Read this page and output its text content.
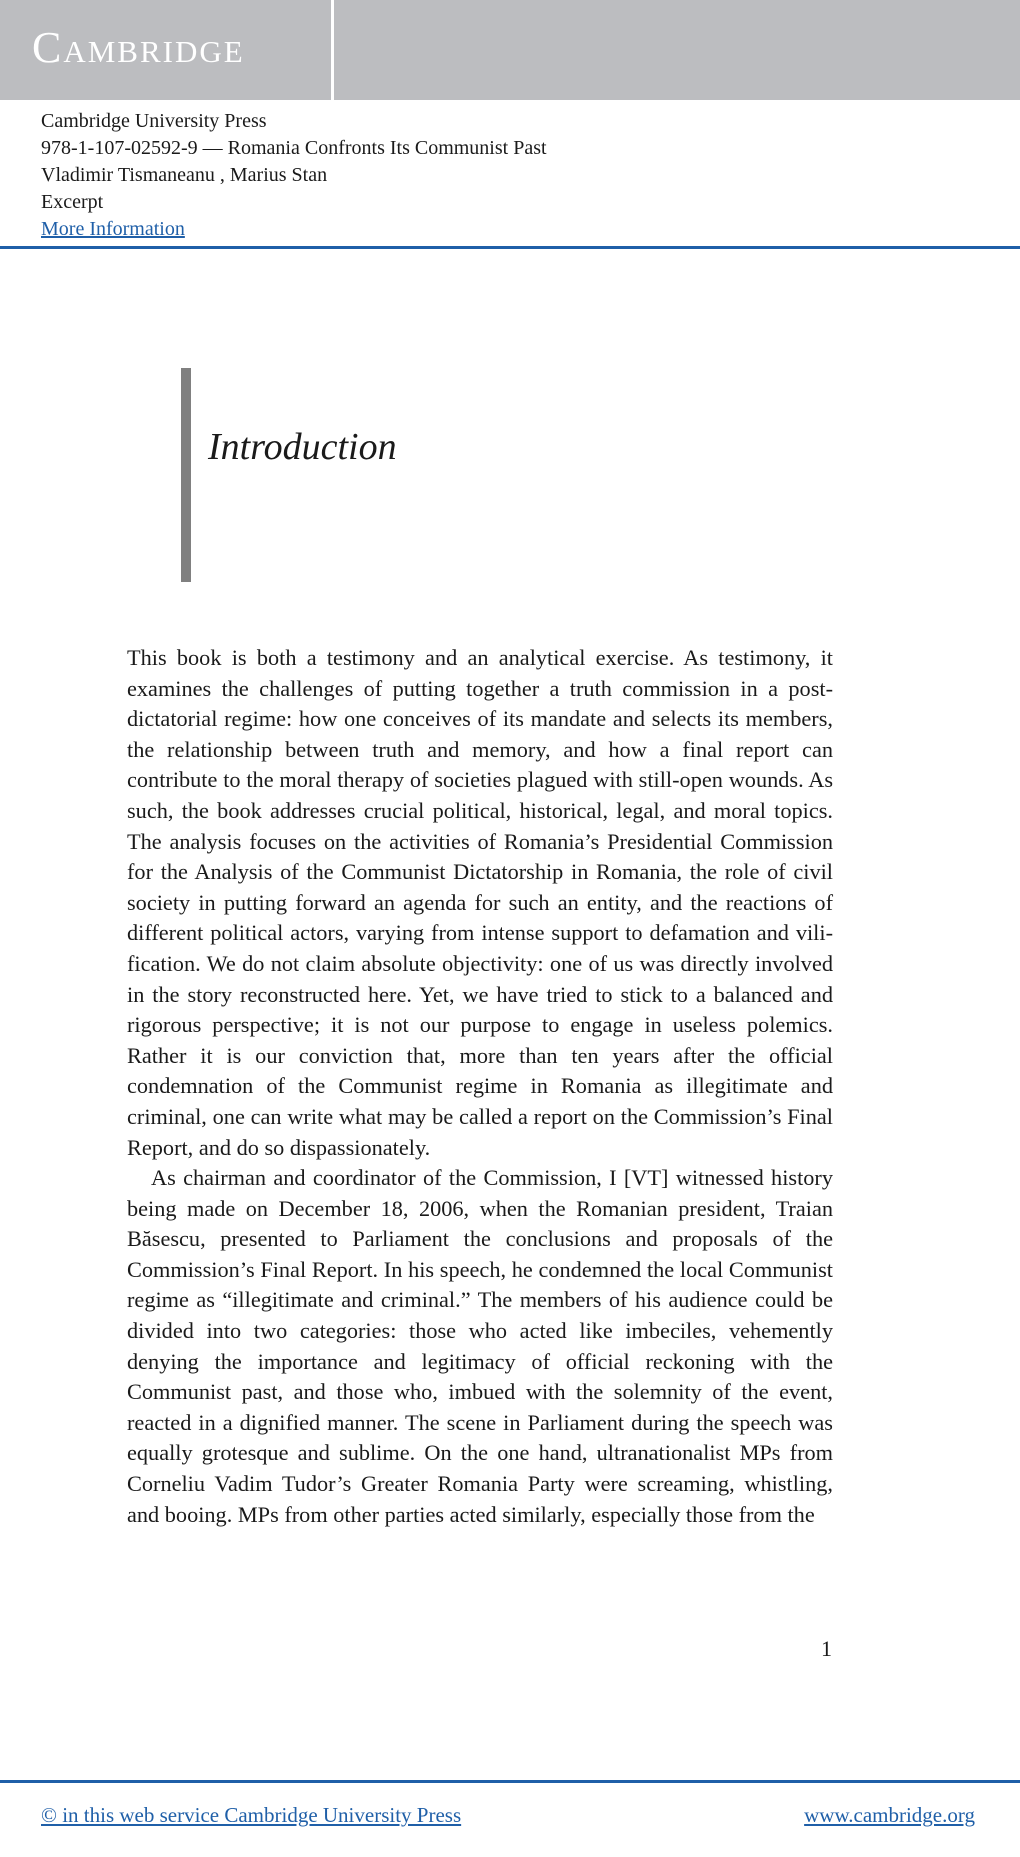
Cambridge
Cambridge University Press
978-1-107-02592-9 — Romania Confronts Its Communist Past
Vladimir Tismaneanu , Marius Stan
Excerpt
More Information
Introduction

This book is both a testimony and an analytical exercise. As testimony, it examines the challenges of putting together a truth commission in a post-dictatorial regime: how one conceives of its mandate and selects its members, the relationship between truth and memory, and how a final report can contribute to the moral therapy of societies plagued with still-open wounds. As such, the book addresses crucial political, historical, legal, and moral topics. The analysis focuses on the activities of Romania’s Presidential Commission for the Analysis of the Communist Dictatorship in Romania, the role of civil society in putting forward an agenda for such an entity, and the reactions of different political actors, varying from intense support to defamation and vilification. We do not claim absolute objectivity: one of us was directly involved in the story reconstructed here. Yet, we have tried to stick to a balanced and rigorous perspective; it is not our purpose to engage in useless polemics. Rather it is our conviction that, more than ten years after the official condemnation of the Communist regime in Romania as illegitimate and criminal, one can write what may be called a report on the Commission’s Final Report, and do so dispassionately.

As chairman and coordinator of the Commission, I [VT] witnessed history being made on December 18, 2006, when the Romanian president, Traian Băsescu, presented to Parliament the conclusions and proposals of the Commission’s Final Report. In his speech, he condemned the local Communist regime as “illegitimate and criminal.” The members of his audience could be divided into two categories: those who acted like imbeciles, vehemently denying the importance and legitimacy of official reckoning with the Communist past, and those who, imbued with the solemnity of the event, reacted in a dignified manner. The scene in Parliament during the speech was equally grotesque and sublime. On the one hand, ultranationalist MPs from Corneliu Vadim Tudor’s Greater Romania Party were screaming, whistling, and booing. MPs from other parties acted similarly, especially those from the

1
© in this web service Cambridge University Press	www.cambridge.org
